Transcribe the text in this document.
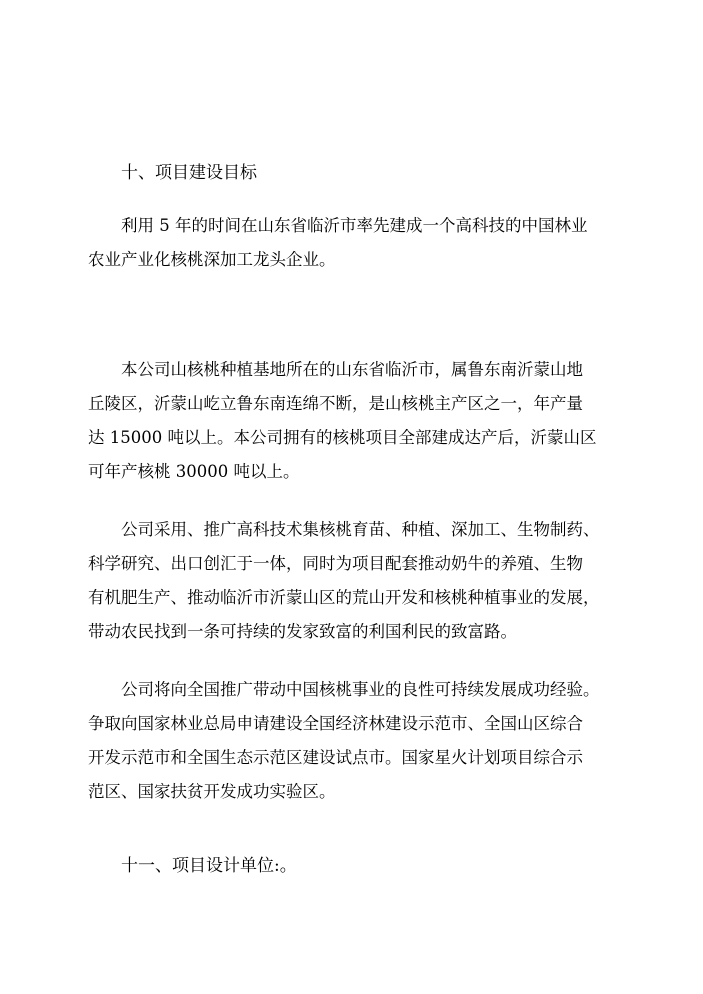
十、项目建设目标
利用 5 年的时间在山东省临沂市率先建成一个高科技的中国林业
农业产业化核桃深加工龙头企业。
本公司山核桃种植基地所在的山东省临沂市，属鲁东南沂蒙山地
丘陵区，沂蒙山屹立鲁东南连绵不断，是山核桃主产区之一，年产量
达 15000 吨以上。本公司拥有的核桃项目全部建成达产后，沂蒙山区
可年产核桃 30000 吨以上。
公司采用、推广高科技术集核桃育苗、种植、深加工、生物制药、
科学研究、出口创汇于一体，同时为项目配套推动奶牛的养殖、生物
有机肥生产、推动临沂市沂蒙山区的荒山开发和核桃种植事业的发展，
带动农民找到一条可持续的发家致富的利国利民的致富路。
公司将向全国推广带动中国核桃事业的良性可持续发展成功经验。
争取向国家林业总局申请建设全国经济林建设示范市、全国山区综合
开发示范市和全国生态示范区建设试点市。国家星火计划项目综合示
范区、国家扶贫开发成功实验区。
十一、项目设计单位:。
